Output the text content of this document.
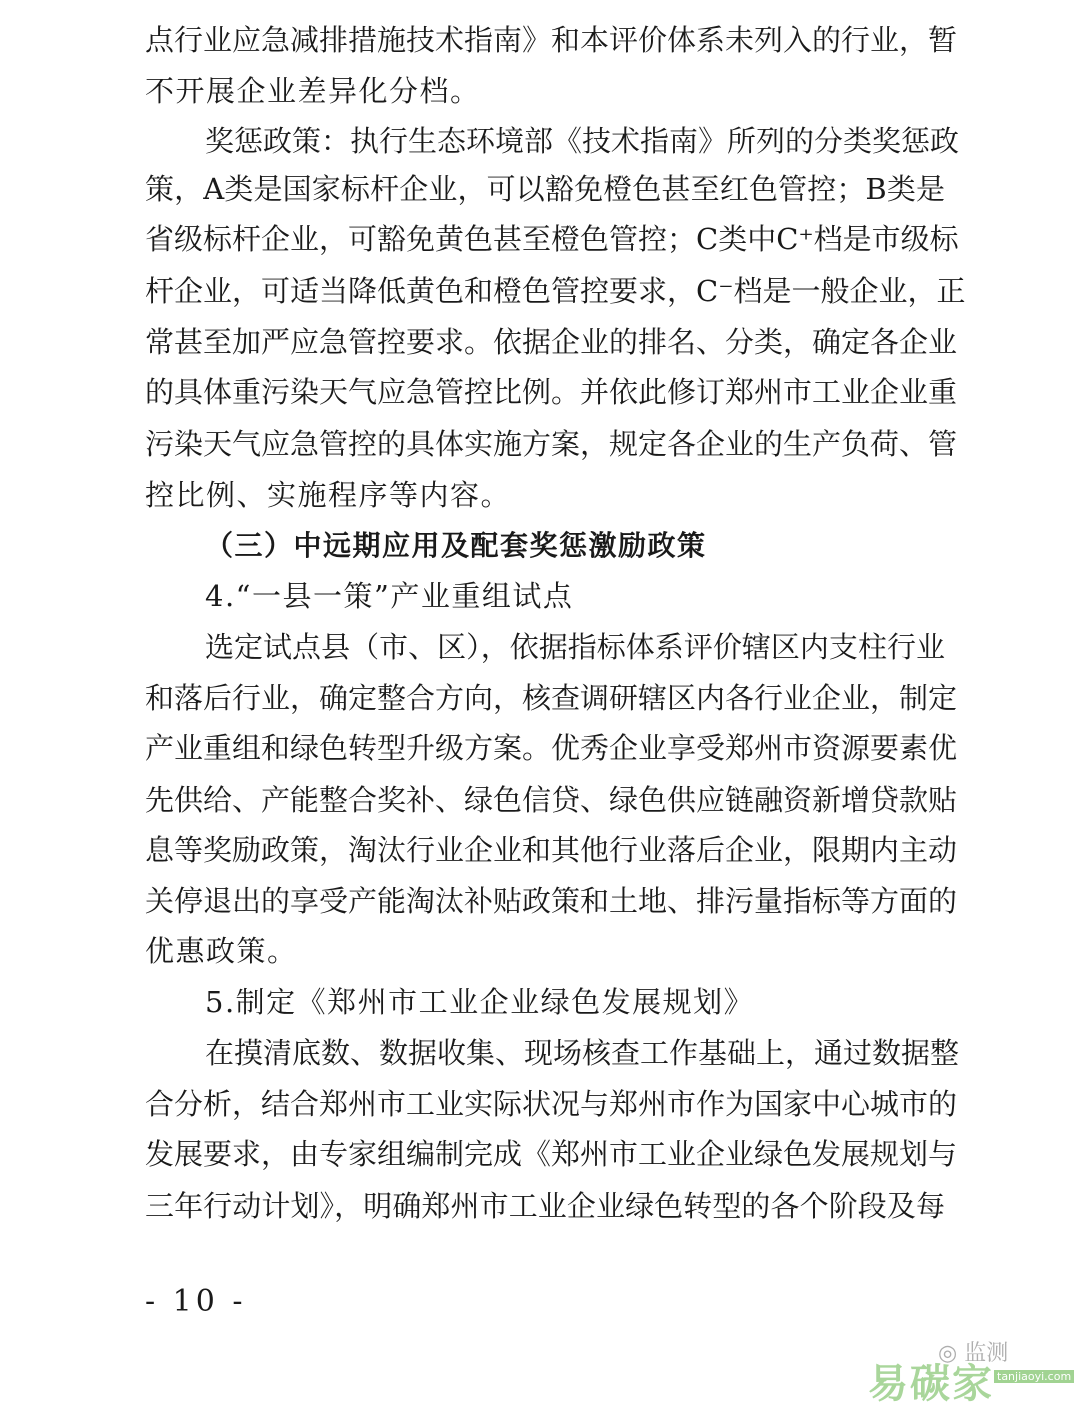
点行业应急减排措施技术指南》和本评价体系未列入的行业，暂
不开展企业差异化分档。
奖惩政策：执行生态环境部《技术指南》所列的分类奖惩政
策，A类是国家标杆企业，可以豁免橙色甚至红色管控；B类是
省级标杆企业，可豁免黄色甚至橙色管控；C类中C⁺档是市级标
杆企业，可适当降低黄色和橙色管控要求，C⁻档是一般企业，正
常甚至加严应急管控要求。依据企业的排名、分类，确定各企业
的具体重污染天气应急管控比例。并依此修订郑州市工业企业重
污染天气应急管控的具体实施方案，规定各企业的生产负荷、管
控比例、实施程序等内容。
（三）中远期应用及配套奖惩激励政策
4.“一县一策”产业重组试点
选定试点县（市、区），依据指标体系评价辖区内支柱行业
和落后行业，确定整合方向，核查调研辖区内各行业企业，制定
产业重组和绿色转型升级方案。优秀企业享受郑州市资源要素优
先供给、产能整合奖补、绿色信贷、绿色供应链融资新增贷款贴
息等奖励政策，淘汰行业企业和其他行业落后企业，限期内主动
关停退出的享受产能淘汰补贴政策和土地、排污量指标等方面的
优惠政策。
5.制定《郑州市工业企业绿色发展规划》
在摸清底数、数据收集、现场核查工作基础上，通过数据整
合分析，结合郑州市工业实际状况与郑州市作为国家中心城市的
发展要求，由专家组编制完成《郑州市工业企业绿色发展规划与
三年行动计划》，明确郑州市工业企业绿色转型的各个阶段及每
- 10 -
◎ 监测
易碳家 tanjiaoyi.com
